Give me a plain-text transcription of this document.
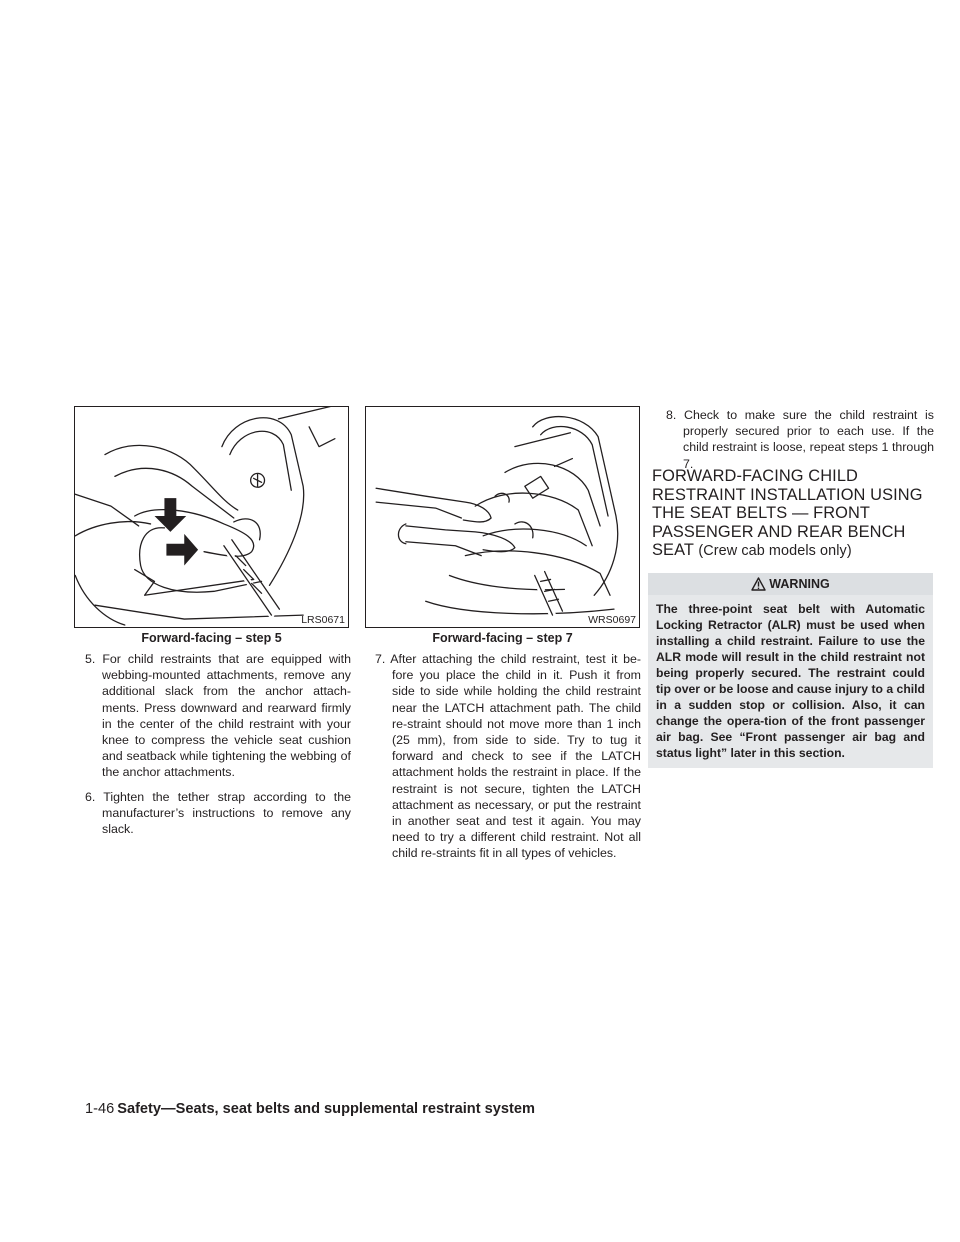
LRS0671
Forward-facing – step 5
WRS0697
Forward-facing – step 7
5. For child restraints that are equipped with webbing-mounted attachments, remove any additional slack from the anchor attach-ments. Press downward and rearward firmly in the center of the child restraint with your knee to compress the vehicle seat cushion and seatback while tightening the webbing of the anchor attachments.
6. Tighten the tether strap according to the manufacturer’s instructions to remove any slack.
7. After attaching the child restraint, test it be-fore you place the child in it. Push it from side to side while holding the child restraint near the LATCH attachment path. The child re-straint should not move more than 1 inch (25 mm), from side to side. Try to tug it forward and check to see if the LATCH attachment holds the restraint in place. If the restraint is not secure, tighten the LATCH attachment as necessary, or put the restraint in another seat and test it again. You may need to try a different child restraint. Not all child re-straints fit in all types of vehicles.
8. Check to make sure the child restraint is properly secured prior to each use. If the child restraint is loose, repeat steps 1 through 7.
FORWARD-FACING CHILD RESTRAINT INSTALLATION USING THE SEAT BELTS — FRONT PASSENGER AND REAR BENCH SEAT (Crew cab models only)
WARNING
The three-point seat belt with Automatic Locking Retractor (ALR) must be used when installing a child restraint. Failure to use the ALR mode will result in the child restraint not being properly secured. The restraint could tip over or be loose and cause injury to a child in a sudden stop or collision. Also, it can change the opera-tion of the front passenger air bag. See “Front passenger air bag and status light” later in this section.
1-46 Safety—Seats, seat belts and supplemental restraint system
